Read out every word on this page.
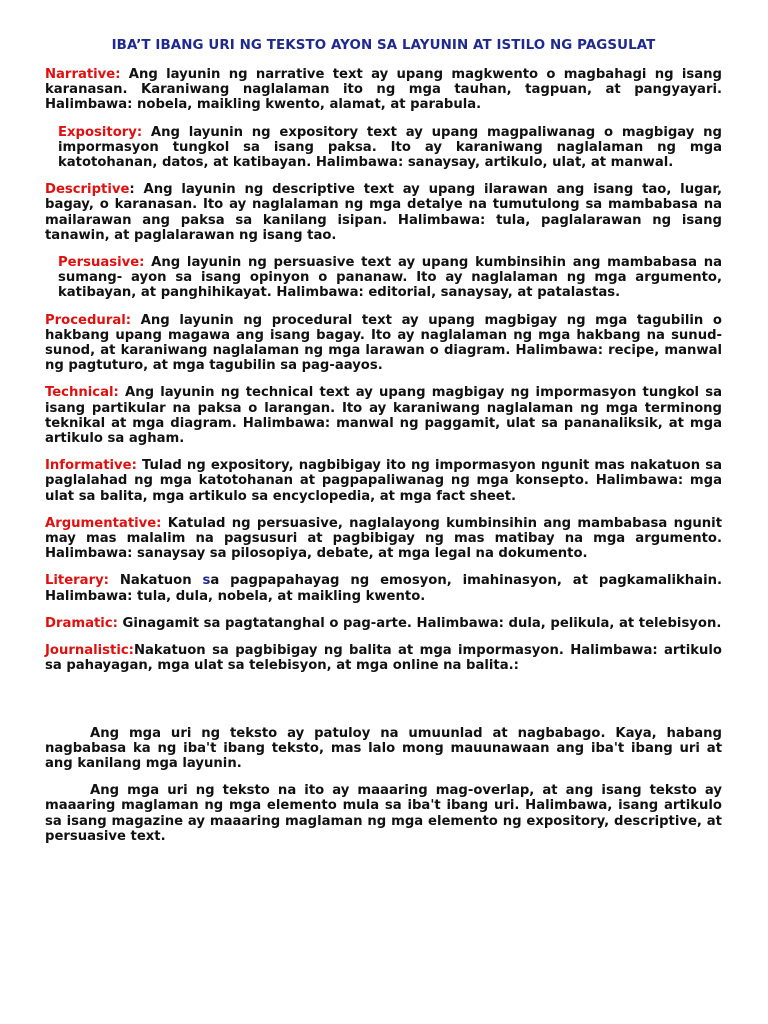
IBA’T IBANG URI NG TEKSTO AYON SA LAYUNIN AT ISTILO NG PAGSULAT

Narrative: Ang layunin ng narrative text ay upang magkwento o magbahagi ng isang karanasan. Karaniwang naglalaman ito ng mga tauhan, tagpuan, at pangyayari. Halimbawa: nobela, maikling kwento, alamat, at parabula.

Expository: Ang layunin ng expository text ay upang magpaliwanag o magbigay ng impormasyon tungkol sa isang paksa. Ito ay karaniwang naglalaman ng mga katotohanan, datos, at katibayan. Halimbawa: sanaysay, artikulo, ulat, at manwal.

Descriptive: Ang layunin ng descriptive text ay upang ilarawan ang isang tao, lugar, bagay, o karanasan. Ito ay naglalaman ng mga detalye na tumutulong sa mambabasa na mailarawan ang paksa sa kanilang isipan. Halimbawa: tula, paglalarawan ng isang tanawin, at paglalarawan ng isang tao.

Persuasive: Ang layunin ng persuasive text ay upang kumbinsihin ang mambabasa na sumang- ayon sa isang opinyon o pananaw. Ito ay naglalaman ng mga argumento, katibayan, at panghihikayat. Halimbawa: editorial, sanaysay, at patalastas.

Procedural: Ang layunin ng procedural text ay upang magbigay ng mga tagubilin o hakbang upang magawa ang isang bagay. Ito ay naglalaman ng mga hakbang na sunud-sunod, at karaniwang naglalaman ng mga larawan o diagram. Halimbawa: recipe, manwal ng pagtuturo, at mga tagubilin sa pag-aayos.

Technical: Ang layunin ng technical text ay upang magbigay ng impormasyon tungkol sa isang partikular na paksa o larangan. Ito ay karaniwang naglalaman ng mga terminong teknikal at mga diagram. Halimbawa: manwal ng paggamit, ulat sa pananaliksik, at mga artikulo sa agham.

Informative: Tulad ng expository, nagbibigay ito ng impormasyon ngunit mas nakatuon sa paglalahad ng mga katotohanan at pagpapaliwanag ng mga konsepto. Halimbawa: mga ulat sa balita, mga artikulo sa encyclopedia, at mga fact sheet.

Argumentative: Katulad ng persuasive, naglalayong kumbinsihin ang mambabasa ngunit may mas malalim na pagsusuri at pagbibigay ng mas matibay na mga argumento. Halimbawa: sanaysay sa pilosopiya, debate, at mga legal na dokumento.

Literary: Nakatuon sa pagpapahayag ng emosyon, imahinasyon, at pagkamalikhain. Halimbawa: tula, dula, nobela, at maikling kwento.

Dramatic: Ginagamit sa pagtatanghal o pag-arte. Halimbawa: dula, pelikula, at telebisyon.

Journalistic:Nakatuon sa pagbibigay ng balita at mga impormasyon. Halimbawa: artikulo sa pahayagan, mga ulat sa telebisyon, at mga online na balita.:

Ang mga uri ng teksto ay patuloy na umuunlad at nagbabago. Kaya, habang nagbabasa ka ng iba't ibang teksto, mas lalo mong mauunawaan ang iba't ibang uri at ang kanilang mga layunin.

Ang mga uri ng teksto na ito ay maaaring mag-overlap, at ang isang teksto ay maaaring maglaman ng mga elemento mula sa iba't ibang uri. Halimbawa, isang artikulo sa isang magazine ay maaaring maglaman ng mga elemento ng expository, descriptive, at persuasive text.
